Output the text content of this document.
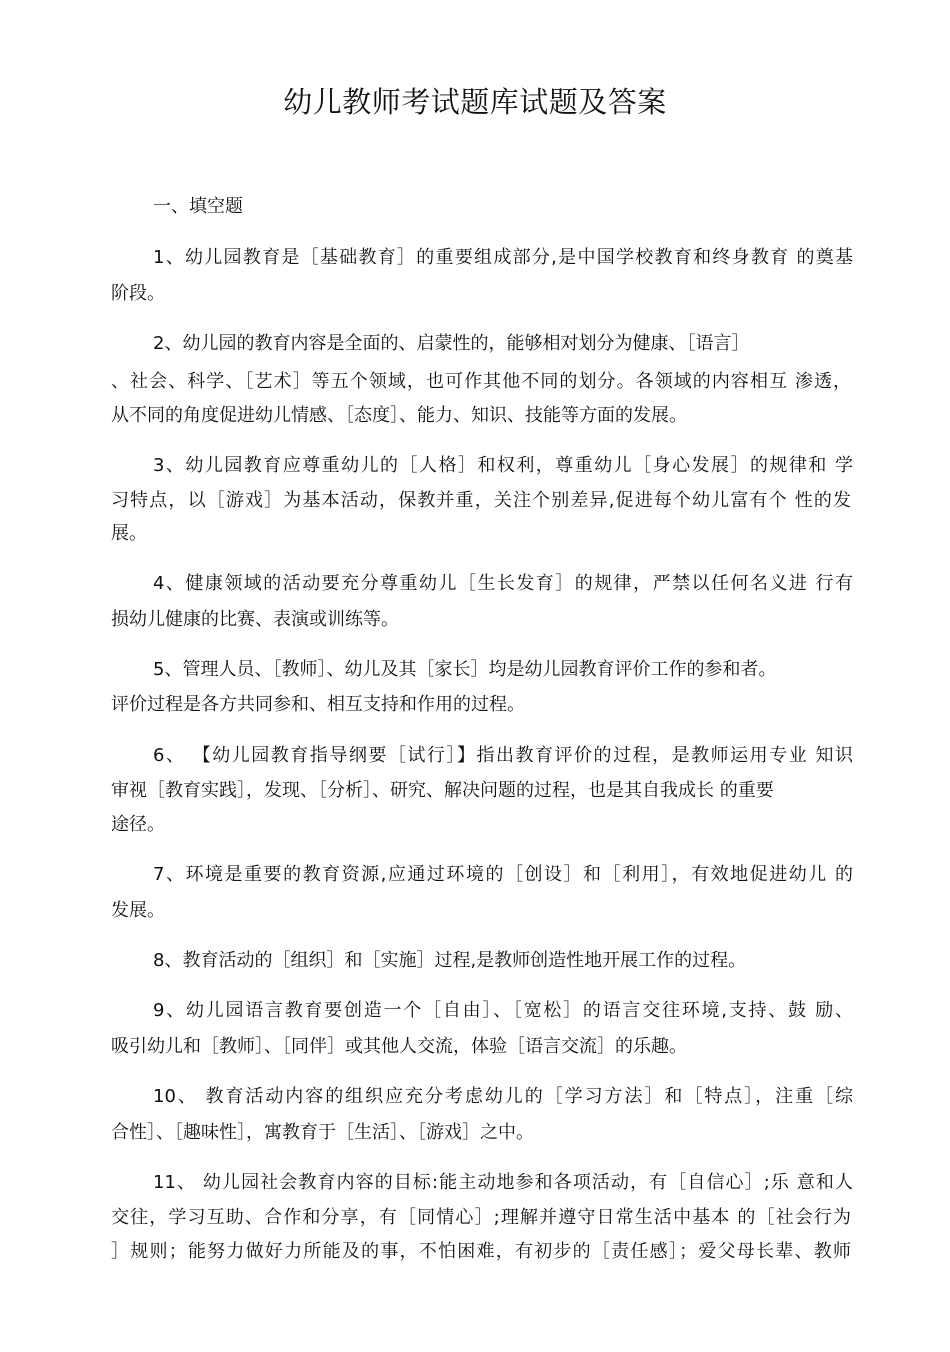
幼儿教师考试题库试题及答案
一、填空题
1、幼儿园教育是［基础教育］的重要组成部分,是中国学校教育和终身教育 的奠基
阶段。
2、幼儿园的教育内容是全面的、启蒙性的，能够相对划分为健康、［语言］
、社会、科学、［艺术］等五个领域，也可作其他不同的划分。各领域的内容相互 渗透，
从不同的角度促进幼儿情感、［态度］、能力、知识、技能等方面的发展。
3、幼儿园教育应尊重幼儿的［人格］和权利，尊重幼儿［身心发展］的规律和 学
习特点，以［游戏］为基本活动，保教并重，关注个别差异,促进每个幼儿富有个 性的发
展。
4、健康领域的活动要充分尊重幼儿［生长发育］的规律，严禁以任何名义进 行有
损幼儿健康的比赛、表演或训练等。
5、管理人员、［教师］、幼儿及其［家长］均是幼儿园教育评价工作的参和者。
评价过程是各方共同参和、相互支持和作用的过程。
6、 【幼儿园教育指导纲要［试行］】指出教育评价的过程，是教师运用专业 知识
审视［教育实践］，发现、［分析］、研究、解决问题的过程，也是其自我成长 的重要
途径。
7、环境是重要的教育资源,应通过环境的［创设］和［利用］，有效地促进幼儿 的
发展。
8、教育活动的［组织］和［实施］过程,是教师创造性地开展工作的过程。
9、幼儿园语言教育要创造一个［自由］、［宽松］的语言交往环境,支持、鼓 励、
吸引幼儿和［教师］、［同伴］或其他人交流，体验［语言交流］的乐趣。
10、 教育活动内容的组织应充分考虑幼儿的［学习方法］和［特点］，注重［综
合性］、［趣味性］，寓教育于［生活］、［游戏］之中。
11、 幼儿园社会教育内容的目标:能主动地参和各项活动，有［自信心］;乐 意和人
交往，学习互助、合作和分享，有［同情心］;理解并遵守日常生活中基本 的［社会行为
］规则；能努力做好力所能及的事，不怕困难，有初步的［责任感］；爱父母长辈、教师
